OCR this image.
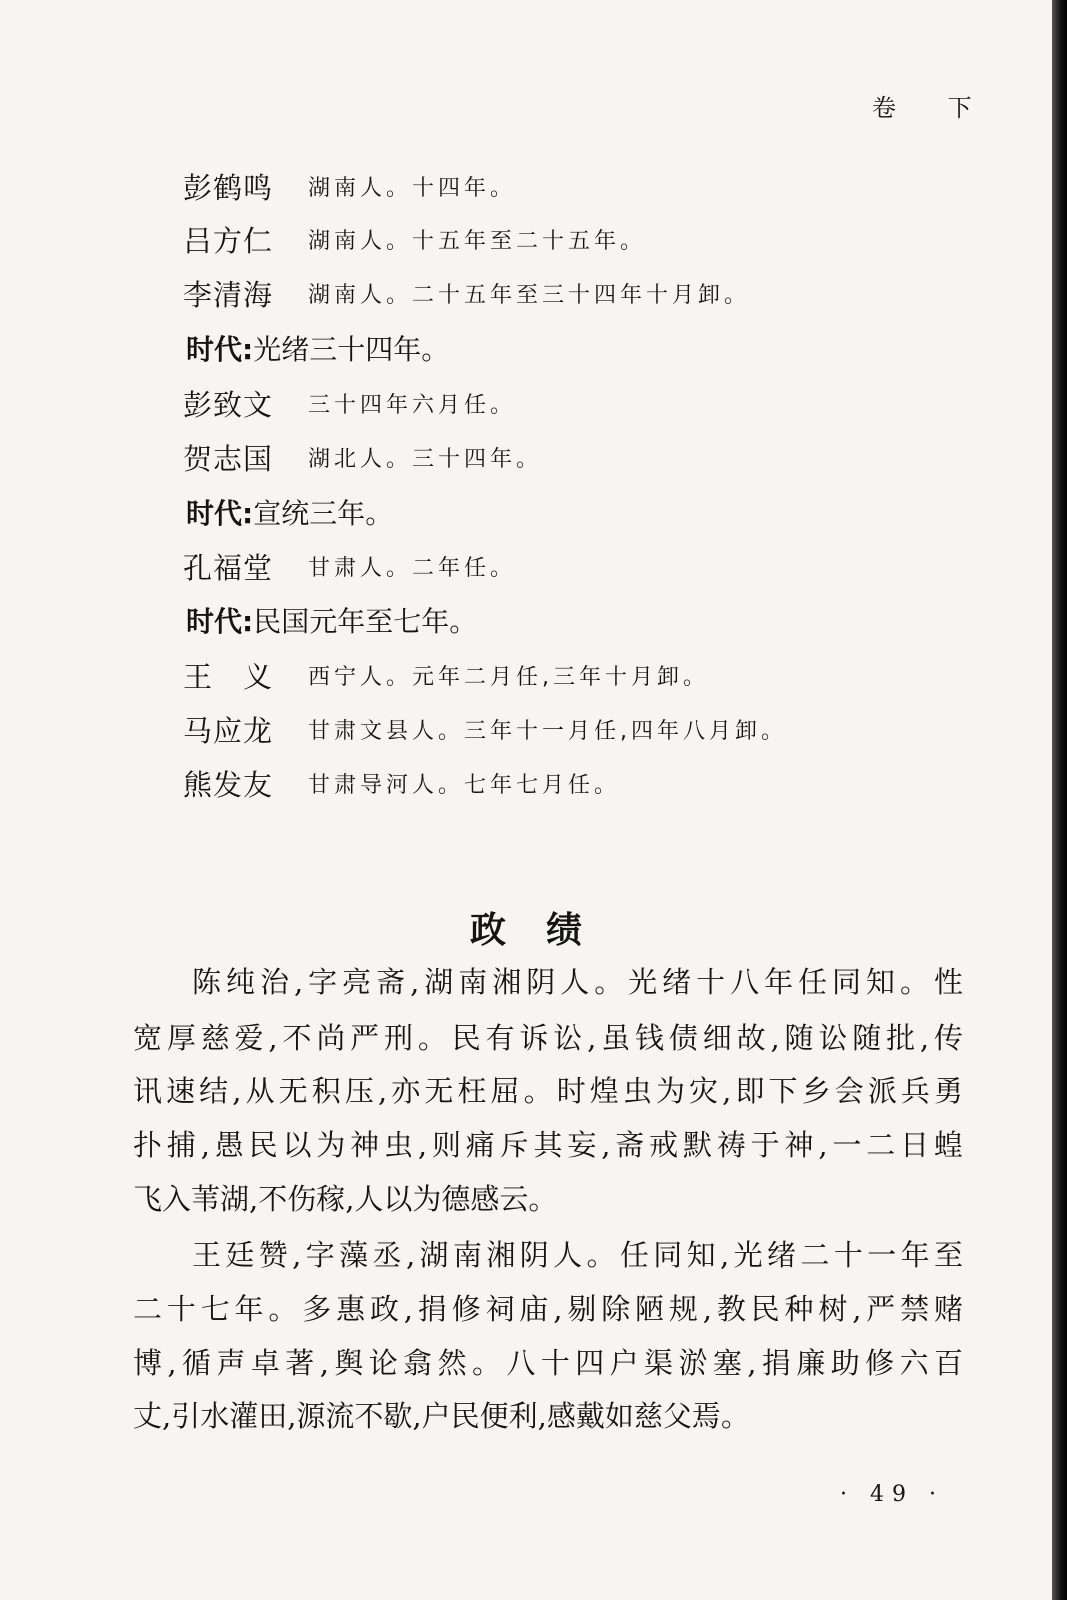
卷 下
彭鹤鸣	湖南人。十四年。
吕方仁	湖南人。十五年至二十五年。
李清海	湖南人。二十五年至三十四年十月卸。
时代: 光绪三十四年。
彭致文	三十四年六月任。
贺志国	湖北人。三十四年。
时代: 宣统三年。
孔福堂	甘肃人。二年任。
时代: 民国元年至七年。
王　义	西宁人。元年二月任,三年十月卸。
马应龙	甘肃文县人。三年十一月任,四年八月卸。
熊发友	甘肃导河人。七年七月任。
政绩
陈纯治,字亮斋,湖南湘阴人。光绪十八年任同知。性
宽厚慈爱,不尚严刑。民有诉讼,虽钱债细故,随讼随批,传
讯速结,从无积压,亦无枉屈。时煌虫为灾,即下乡会派兵勇
扑捕,愚民以为神虫,则痛斥其妄,斋戒默祷于神,一二日蝗
飞入苇湖,不伤稼,人以为德感云。
王廷赞,字藻丞,湖南湘阴人。任同知,光绪二十一年至
二十七年。多惠政,捐修祠庙,剔除陋规,教民种树,严禁赌
博,循声卓著,舆论翕然。八十四户渠淤塞,捐廉助修六百
丈,引水灌田,源流不歇,户民便利,感戴如慈父焉。
· 49 ·
